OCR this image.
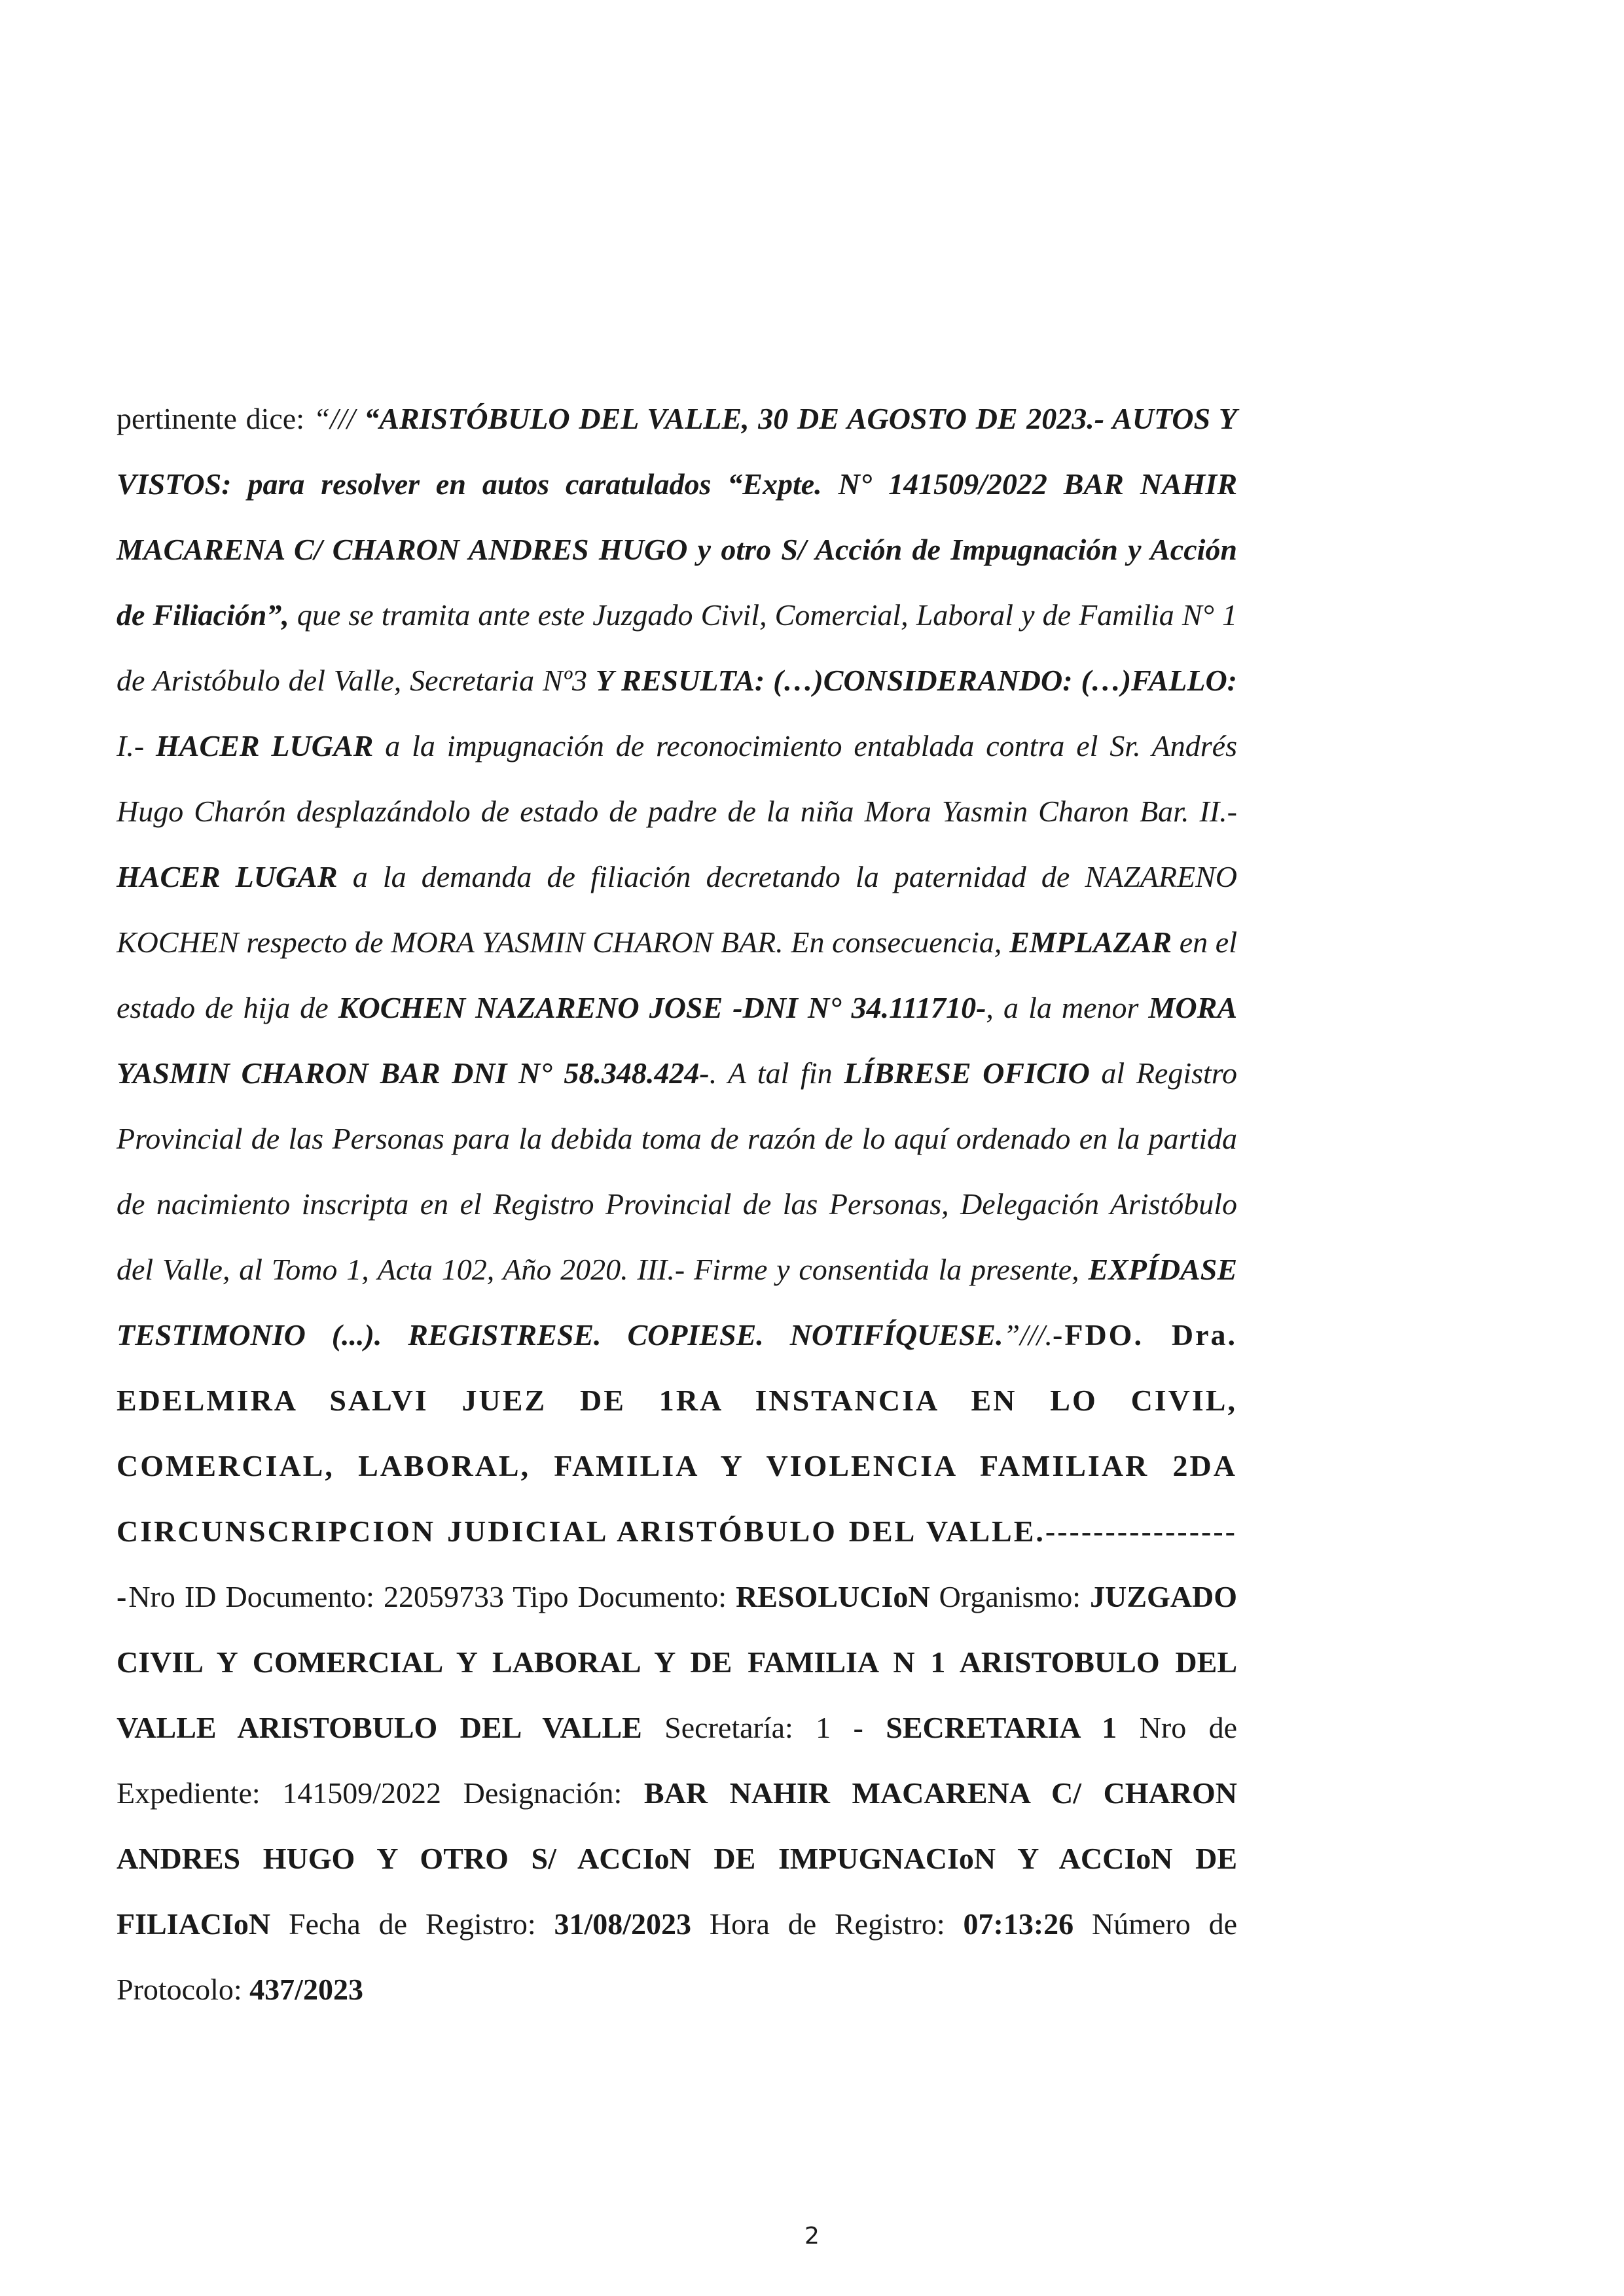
pertinente dice: “/// “ARISTÓBULO DEL VALLE, 30 DE AGOSTO DE 2023.- AUTOS Y VISTOS: para resolver en autos caratulados “Expte. N° 141509/2022 BAR NAHIR MACARENA C/ CHARON ANDRES HUGO y otro S/ Acción de Impugnación y Acción de Filiación”, que se tramita ante este Juzgado Civil, Comercial, Laboral y de Familia N° 1 de Aristóbulo del Valle, Secretaria Nº3 Y RESULTA: (…)CONSIDERANDO: (…)FALLO: I.- HACER LUGAR a la impugnación de reconocimiento entablada contra el Sr. Andrés Hugo Charón desplazándolo de estado de padre de la niña Mora Yasmin Charon Bar. II.- HACER LUGAR a la demanda de filiación decretando la paternidad de NAZARENO KOCHEN respecto de MORA YASMIN CHARON BAR. En consecuencia, EMPLAZAR en el estado de hija de KOCHEN NAZARENO JOSE -DNI N° 34.111710-, a la menor MORA YASMIN CHARON BAR DNI N° 58.348.424-. A tal fin LÍBRESE OFICIO al Registro Provincial de las Personas para la debida toma de razón de lo aquí ordenado en la partida de nacimiento inscripta en el Registro Provincial de las Personas, Delegación Aristóbulo del Valle, al Tomo 1, Acta 102, Año 2020. III.- Firme y consentida la presente, EXPÍDASE TESTIMONIO (...). REGISTRESE. COPIESE. NOTIFÍQUESE.”///.-FDO. Dra. EDELMIRA SALVI JUEZ DE 1RA INSTANCIA EN LO CIVIL, COMERCIAL, LABORAL, FAMILIA Y VIOLENCIA FAMILIAR 2DA CIRCUNSCRIPCION JUDICIAL ARISTÓBULO DEL VALLE.-----------------Nro ID Documento: 22059733 Tipo Documento: RESOLUCIoN Organismo: JUZGADO CIVIL Y COMERCIAL Y LABORAL Y DE FAMILIA N 1 ARISTOBULO DEL VALLE ARISTOBULO DEL VALLE Secretaría: 1 - SECRETARIA 1 Nro de Expediente: 141509/2022 Designación: BAR NAHIR MACARENA C/ CHARON ANDRES HUGO Y OTRO S/ ACCIoN DE IMPUGNACIoN Y ACCIoN DE FILIACIoN Fecha de Registro: 31/08/2023 Hora de Registro: 07:13:26 Número de Protocolo: 437/2023

2
